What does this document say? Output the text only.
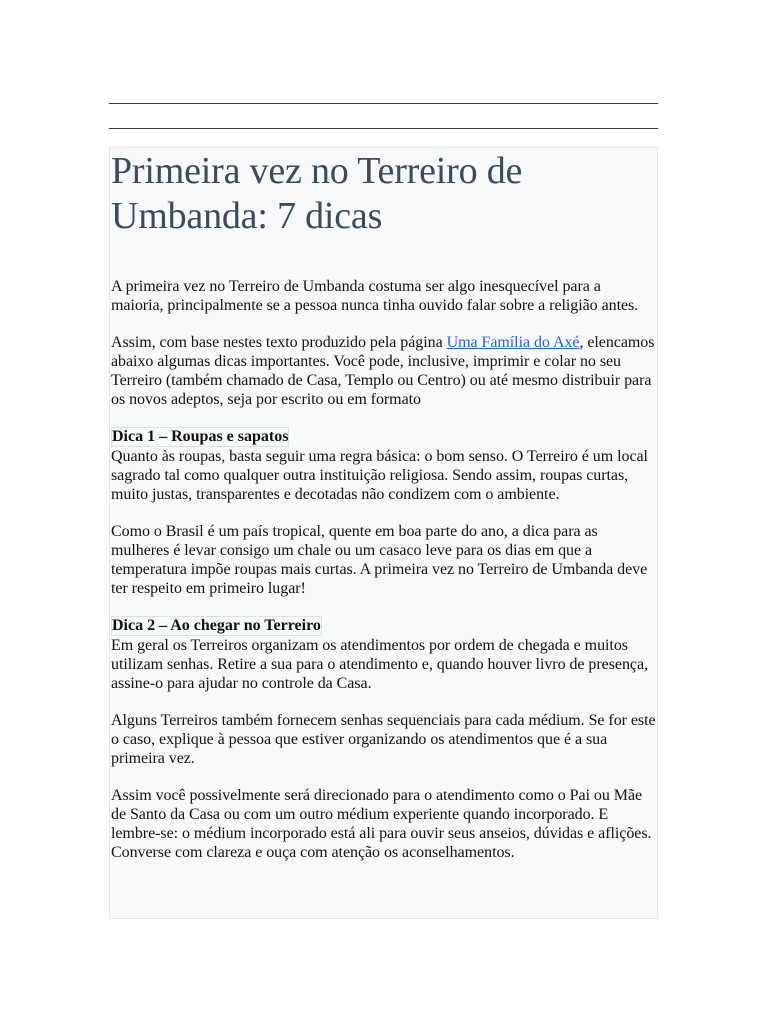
Primeira vez no Terreiro de Umbanda: 7 dicas

A primeira vez no Terreiro de Umbanda costuma ser algo inesquecível para a maioria, principalmente se a pessoa nunca tinha ouvido falar sobre a religião antes.

Assim, com base nestes texto produzido pela página Uma Família do Axé, elencamos abaixo algumas dicas importantes. Você pode, inclusive, imprimir e colar no seu Terreiro (também chamado de Casa, Templo ou Centro) ou até mesmo distribuir para os novos adeptos, seja por escrito ou em formato

Dica 1 – Roupas e sapatos

Quanto às roupas, basta seguir uma regra básica: o bom senso. O Terreiro é um local sagrado tal como qualquer outra instituição religiosa. Sendo assim, roupas curtas, muito justas, transparentes e decotadas não condizem com o ambiente.

Como o Brasil é um país tropical, quente em boa parte do ano, a dica para as mulheres é levar consigo um chale ou um casaco leve para os dias em que a temperatura impõe roupas mais curtas. A primeira vez no Terreiro de Umbanda deve ter respeito em primeiro lugar!

Dica 2 – Ao chegar no Terreiro

Em geral os Terreiros organizam os atendimentos por ordem de chegada e muitos utilizam senhas. Retire a sua para o atendimento e, quando houver livro de presença, assine-o para ajudar no controle da Casa.

Alguns Terreiros também fornecem senhas sequenciais para cada médium. Se for este o caso, explique à pessoa que estiver organizando os atendimentos que é a sua primeira vez.

Assim você possivelmente será direcionado para o atendimento como o Pai ou Mãe de Santo da Casa ou com um outro médium experiente quando incorporado. E lembre-se: o médium incorporado está ali para ouvir seus anseios, dúvidas e aflições. Converse com clareza e ouça com atenção os aconselhamentos.
